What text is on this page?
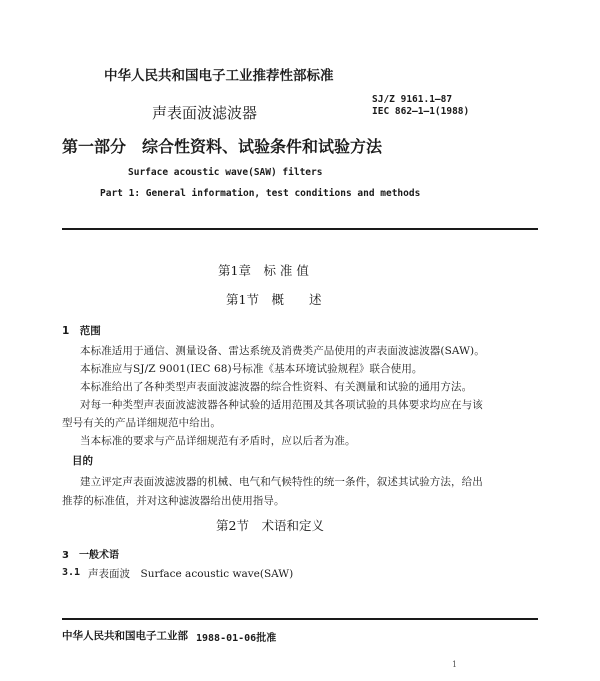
中华人民共和国电子工业推荐性部标准
声表面波滤波器
SJ/Z 9161.1—87
IEC 862—1—1(1988)
第一部分　综合性资料、试验条件和试验方法
Surface acoustic wave(SAW) filters
Part 1: General information, test conditions and methods
第1章　标 准 值
第1节　概　　述
1　范围
本标准适用于通信、测量设备、雷达系统及消费类产品使用的声表面波滤波器(SAW)。
本标准应与SJ/Z 9001(IEC 68)号标准《基本环境试验规程》联合使用。
本标准给出了各种类型声表面波滤波器的综合性资料、有关测量和试验的通用方法。
对每一种类型声表面波滤波器各种试验的适用范围及其各项试验的具体要求均应在与该
型号有关的产品详细规范中给出。
当本标准的要求与产品详细规范有矛盾时，应以后者为准。
目的
建立评定声表面波滤波器的机械、电气和气候特性的统一条件，叙述其试验方法，给出
推荐的标准值，并对这种滤波器给出使用指导。
第2节　术语和定义
3　一般术语
3.1 声表面波　Surface acoustic wave(SAW)
中华人民共和国电子工业部 1988-01-06批准
1
